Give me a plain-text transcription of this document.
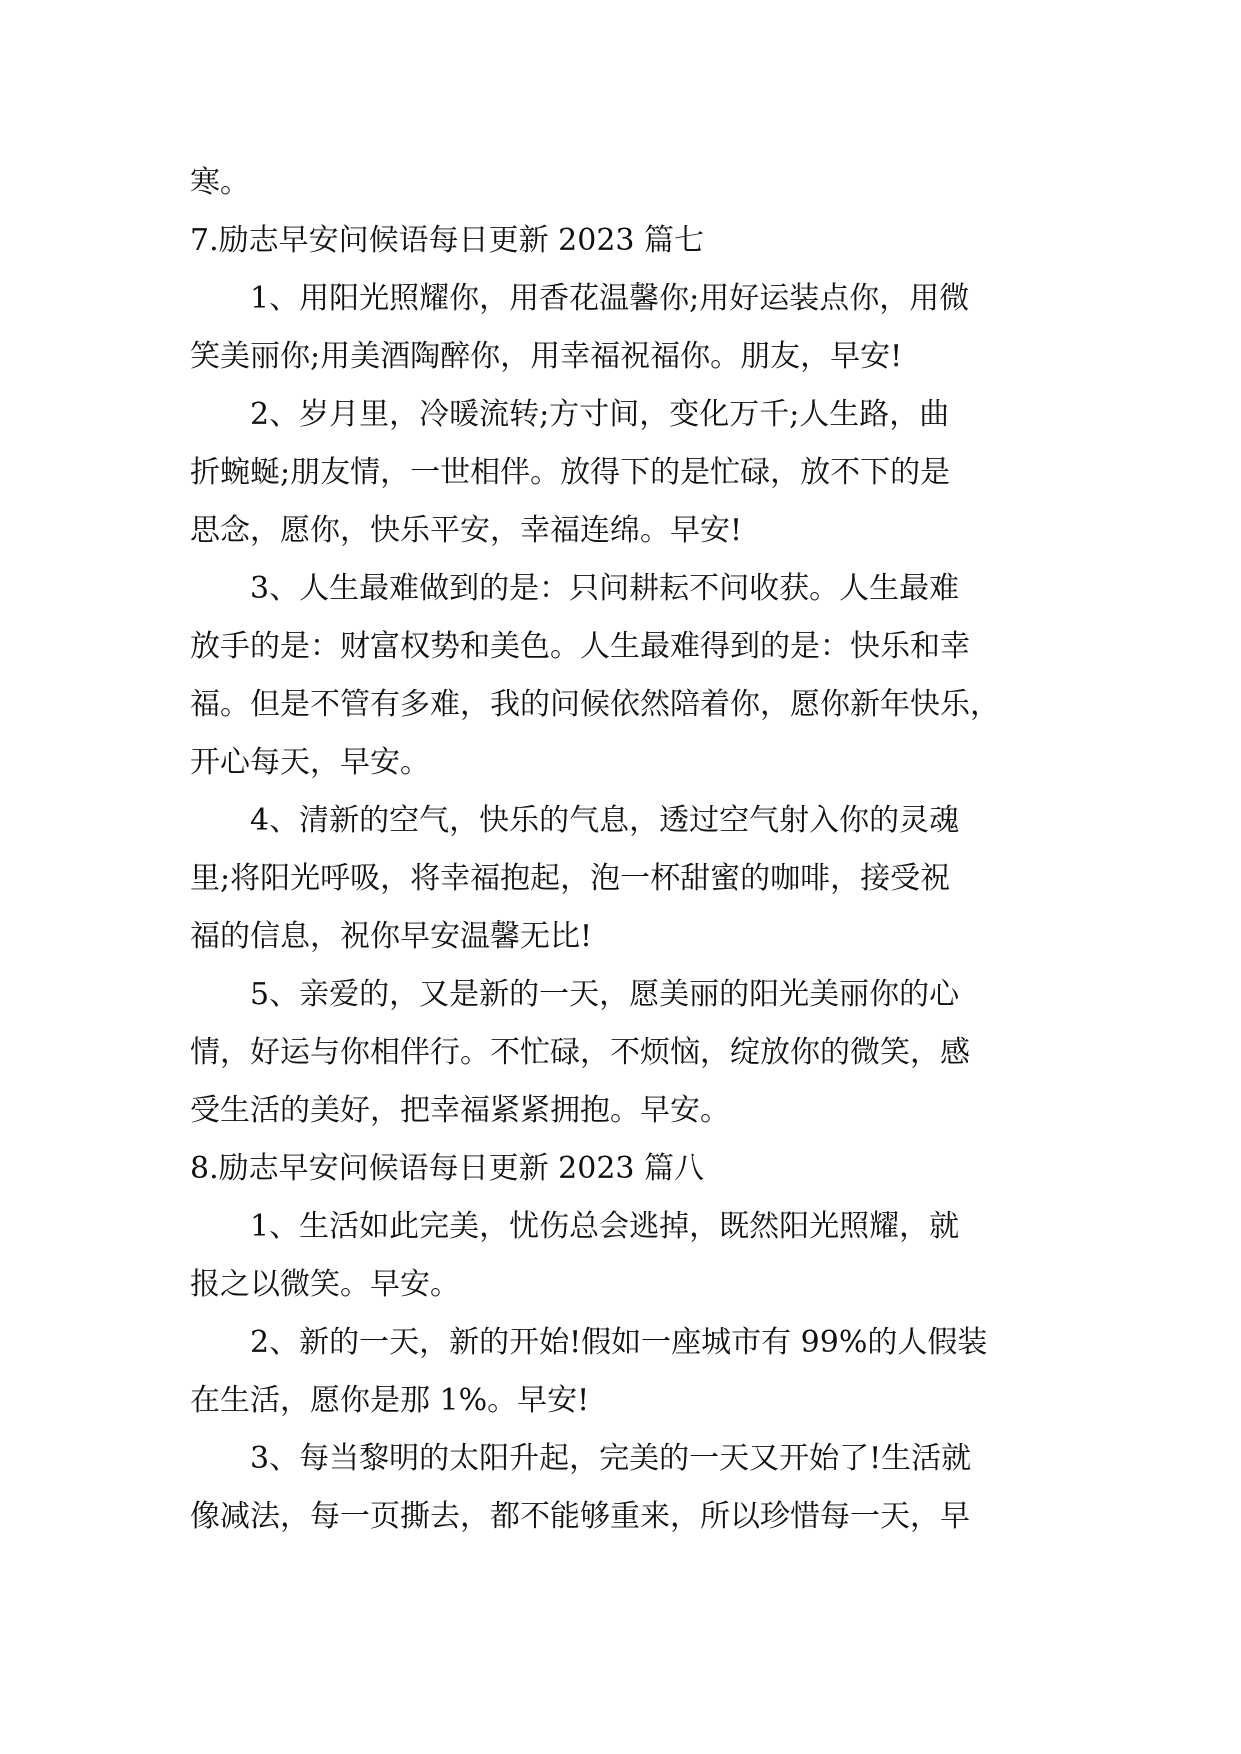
寒。
7.励志早安问候语每日更新 2023 篇七
1、用阳光照耀你，用香花温馨你;用好运装点你，用微
笑美丽你;用美酒陶醉你，用幸福祝福你。朋友，早安!
2、岁月里，冷暖流转;方寸间，变化万千;人生路，曲
折蜿蜒;朋友情，一世相伴。放得下的是忙碌，放不下的是
思念，愿你，快乐平安，幸福连绵。早安!
3、人生最难做到的是：只问耕耘不问收获。人生最难
放手的是：财富权势和美色。人生最难得到的是：快乐和幸
福。但是不管有多难，我的问候依然陪着你，愿你新年快乐，
开心每天，早安。
4、清新的空气，快乐的气息，透过空气射入你的灵魂
里;将阳光呼吸，将幸福抱起，泡一杯甜蜜的咖啡，接受祝
福的信息，祝你早安温馨无比!
5、亲爱的，又是新的一天，愿美丽的阳光美丽你的心
情，好运与你相伴行。不忙碌，不烦恼，绽放你的微笑，感
受生活的美好，把幸福紧紧拥抱。早安。
8.励志早安问候语每日更新 2023 篇八
1、生活如此完美，忧伤总会逃掉，既然阳光照耀，就
报之以微笑。早安。
2、新的一天，新的开始!假如一座城市有 99%的人假装
在生活，愿你是那 1%。早安!
3、每当黎明的太阳升起，完美的一天又开始了!生活就
像减法，每一页撕去，都不能够重来，所以珍惜每一天，早
